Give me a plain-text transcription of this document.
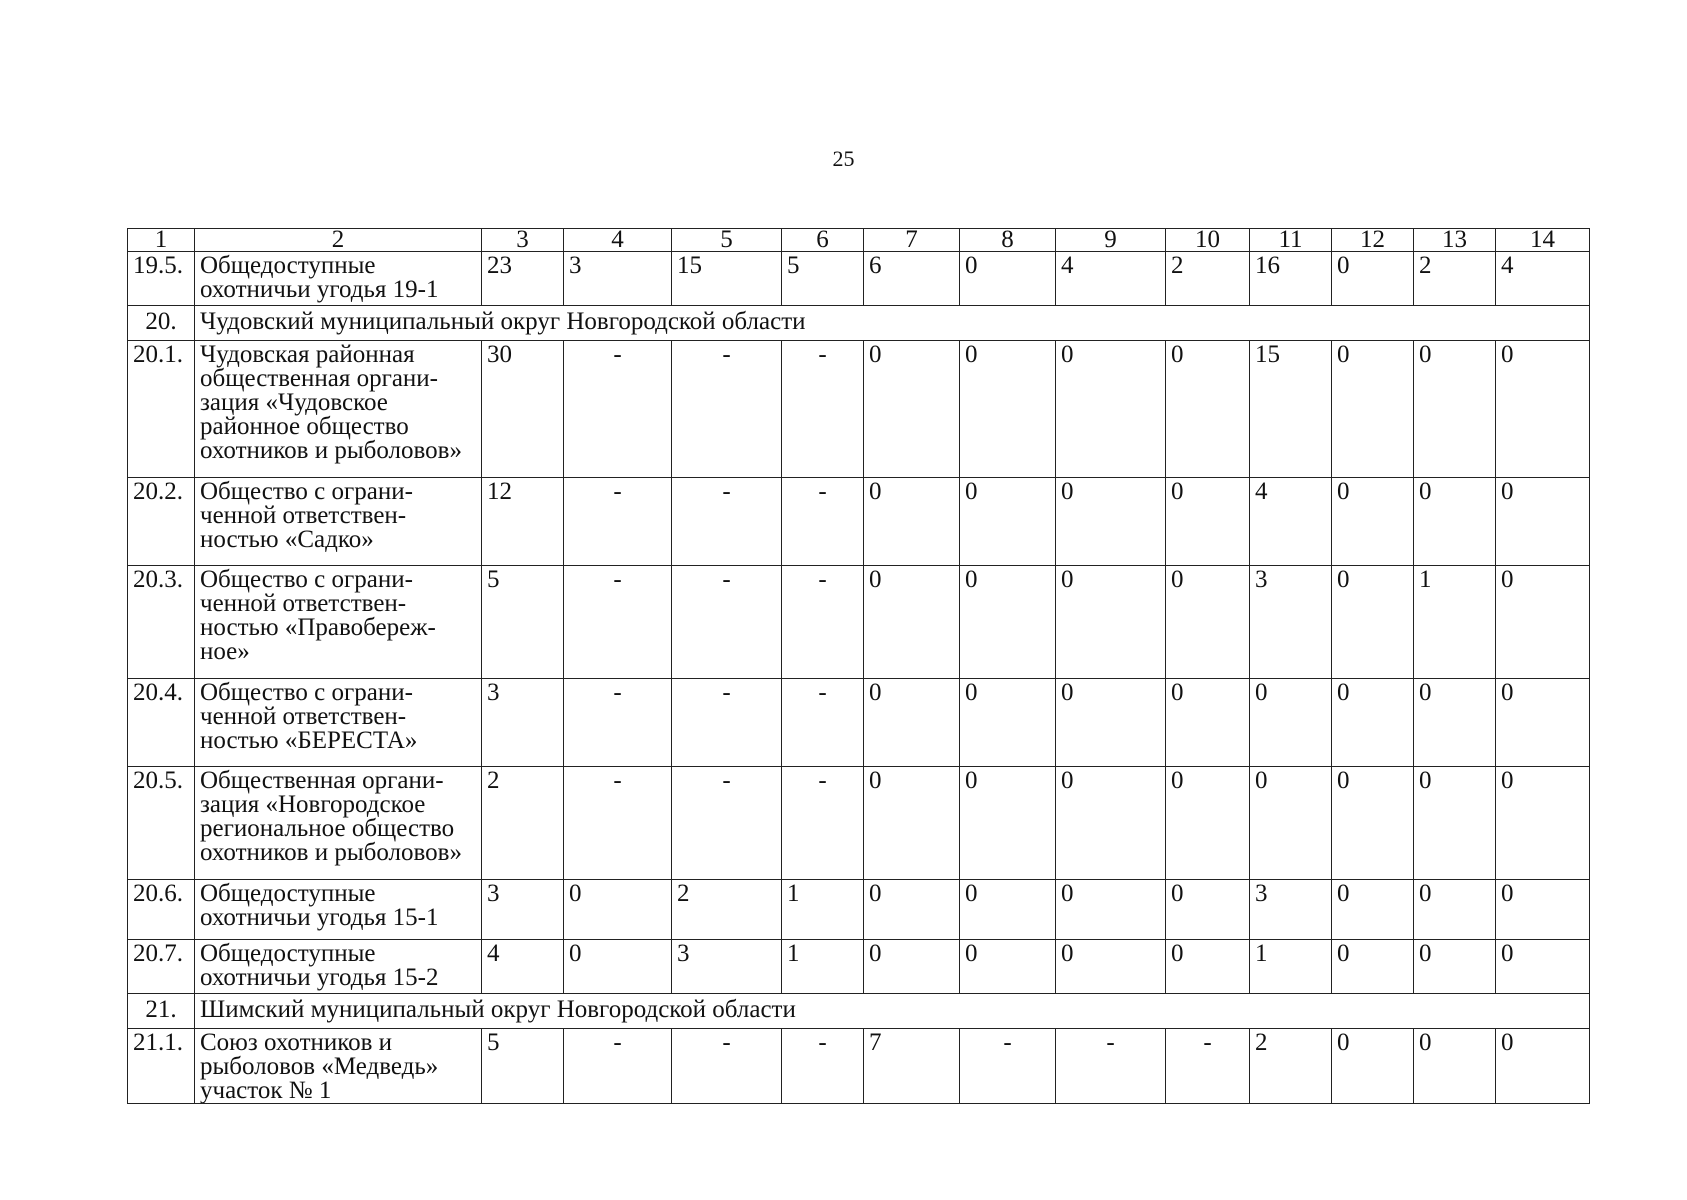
25
1	2	3	4	5	6	7	8	9	10	11	12	13	14
19.5.	Общедоступные охотничьи угодья 19-1	23	3	15	5	6	0	4	2	16	0	2	4
20.	Чудовский муниципальный округ Новгородской области												
20.1.	Чудовская районная общественная органи-зация «Чудовское районное общество охотников и рыболовов»	30	-	-	-	0	0	0	0	15	0	0	0
20.2.	Общество с ограни-ченной ответствен-ностью «Садко»	12	-	-	-	0	0	0	0	4	0	0	0
20.3.	Общество с ограни-ченной ответствен-ностью «Правобереж-ное»	5	-	-	-	0	0	0	0	3	0	1	0
20.4.	Общество с ограни-ченной ответствен-ностью «БЕРЕСТА»	3	-	-	-	0	0	0	0	0	0	0	0
20.5.	Общественная органи-зация «Новгородское региональное общество охотников и рыболовов»	2	-	-	-	0	0	0	0	0	0	0	0
20.6.	Общедоступные охотничьи угодья 15-1	3	0	2	1	0	0	0	0	3	0	0	0
20.7.	Общедоступные охотничьи угодья 15-2	4	0	3	1	0	0	0	0	1	0	0	0
21.	Шимский муниципальный округ Новгородской области												
21.1.	Союз охотников и рыболовов «Медведь» участок № 1	5	-	-	-	7	-	-	-	2	0	0	0
